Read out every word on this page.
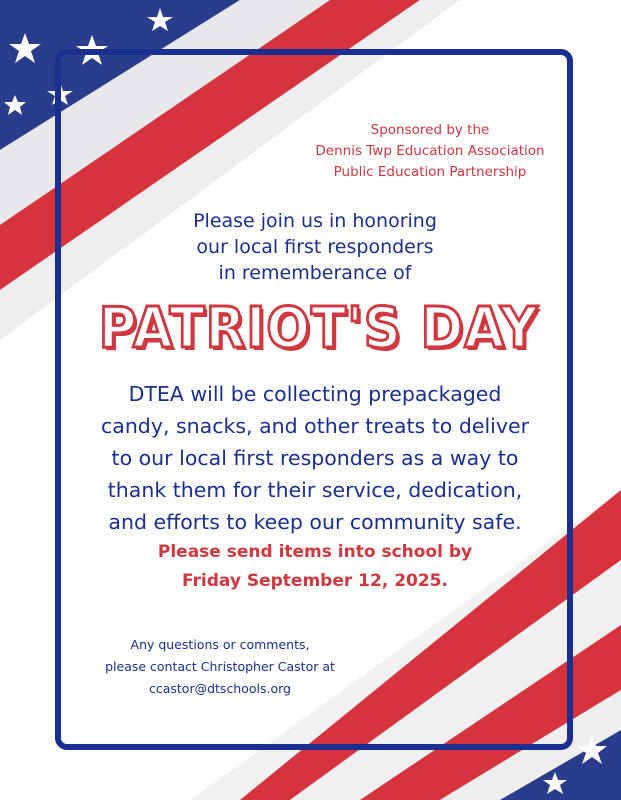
Sponsored by the
Dennis Twp Education Association
Public Education Partnership
Please join us in honoring
our local first responders
in rememberance of
PATRIOT'S DAY
DTEA will be collecting prepackaged
candy, snacks, and other treats to deliver
to our local first responders as a way to
thank them for their service, dedication,
and efforts to keep our community safe.
Please send items into school by
Friday September 12, 2025.
Any questions or comments,
please contact Christopher Castor at
ccastor@dtschools.org
